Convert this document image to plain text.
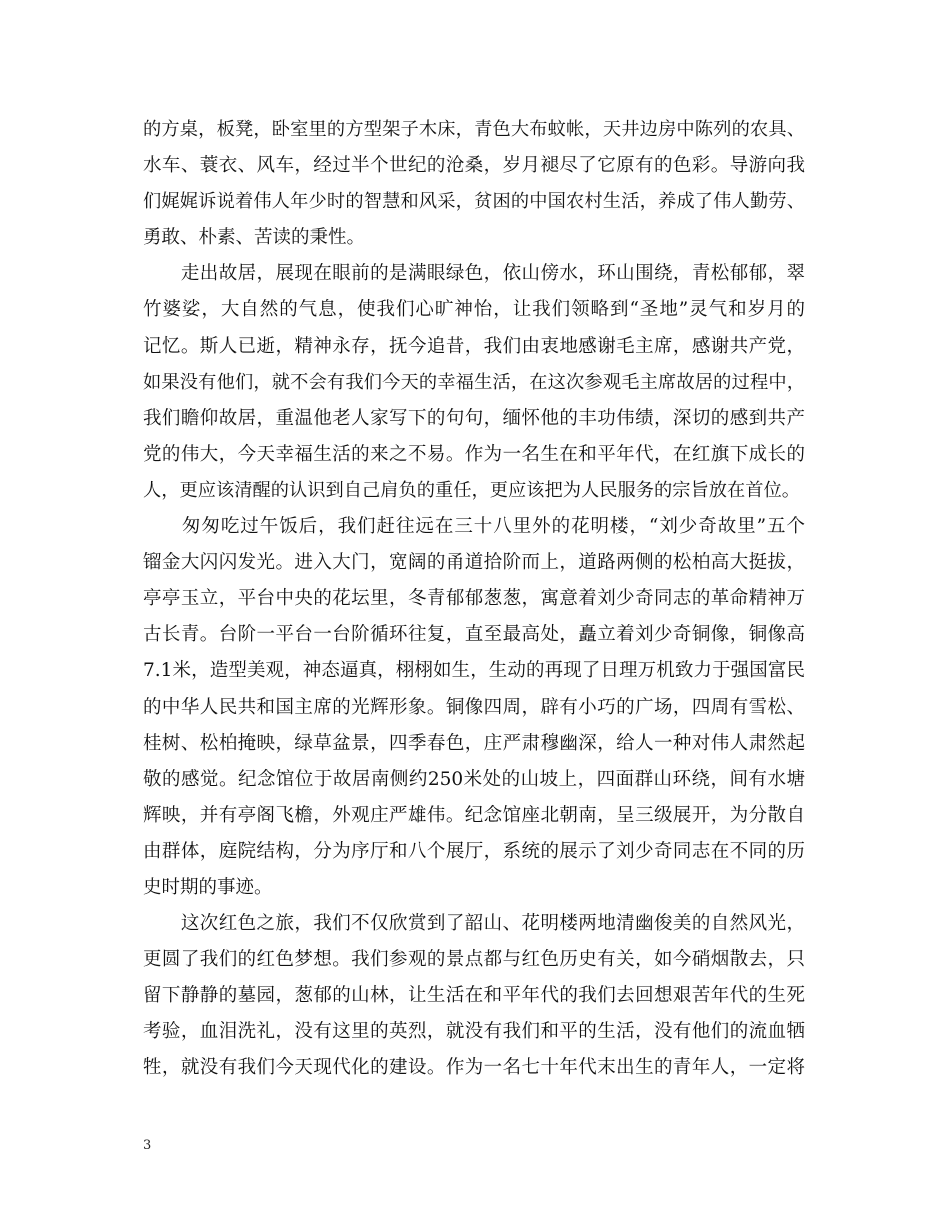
的方桌，板凳，卧室里的方型架子木床，青色大布蚊帐，天井边房中陈列的农具、
水车、蓑衣、风车，经过半个世纪的沧桑，岁月褪尽了它原有的色彩。导游向我
们娓娓诉说着伟人年少时的智慧和风采，贫困的中国农村生活，养成了伟人勤劳、
勇敢、朴素、苦读的秉性。
　　走出故居，展现在眼前的是满眼绿色，依山傍水，环山围绕，青松郁郁，翠
竹婆娑，大自然的气息，使我们心旷神怡，让我们领略到“圣地”灵气和岁月的
记忆。斯人已逝，精神永存，抚今追昔，我们由衷地感谢毛主席，感谢共产党，
如果没有他们，就不会有我们今天的幸福生活，在这次参观毛主席故居的过程中，
我们瞻仰故居，重温他老人家写下的句句，缅怀他的丰功伟绩，深切的感到共产
党的伟大，今天幸福生活的来之不易。作为一名生在和平年代，在红旗下成长的
人，更应该清醒的认识到自己肩负的重任，更应该把为人民服务的宗旨放在首位。
　　匆匆吃过午饭后，我们赶往远在三十八里外的花明楼，“刘少奇故里”五个
镏金大闪闪发光。进入大门，宽阔的甬道拾阶而上，道路两侧的松柏高大挺拔，
亭亭玉立，平台中央的花坛里，冬青郁郁葱葱，寓意着刘少奇同志的革命精神万
古长青。台阶一平台一台阶循环往复，直至最高处，矗立着刘少奇铜像，铜像高
7.1米，造型美观，神态逼真，栩栩如生，生动的再现了日理万机致力于强国富民
的中华人民共和国主席的光辉形象。铜像四周，辟有小巧的广场，四周有雪松、
桂树、松柏掩映，绿草盆景，四季春色，庄严肃穆幽深，给人一种对伟人肃然起
敬的感觉。纪念馆位于故居南侧约250米处的山坡上，四面群山环绕，间有水塘
辉映，并有亭阁飞檐，外观庄严雄伟。纪念馆座北朝南，呈三级展开，为分散自
由群体，庭院结构，分为序厅和八个展厅，系统的展示了刘少奇同志在不同的历
史时期的事迹。
　　这次红色之旅，我们不仅欣赏到了韶山、花明楼两地清幽俊美的自然风光，
更圆了我们的红色梦想。我们参观的景点都与红色历史有关，如今硝烟散去，只
留下静静的墓园，葱郁的山林，让生活在和平年代的我们去回想艰苦年代的生死
考验，血泪洗礼，没有这里的英烈，就没有我们和平的生活，没有他们的流血牺
牲，就没有我们今天现代化的建设。作为一名七十年代末出生的青年人，一定将
3
